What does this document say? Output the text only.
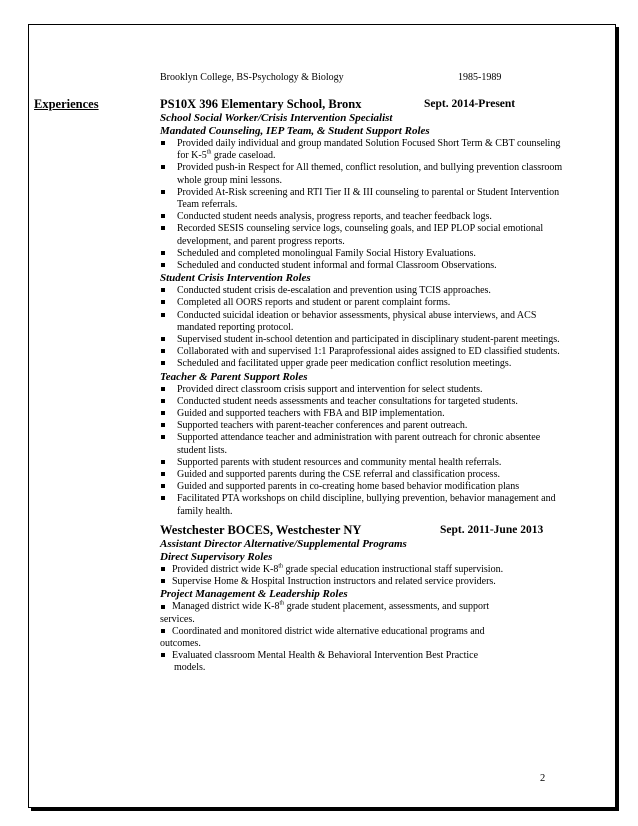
Brooklyn College, BS-Psychology & Biology	1985-1989
Experiences	PS10X 396 Elementary School, Bronx	Sept. 2014-Present
School Social Worker/Crisis Intervention Specialist
Mandated Counseling, IEP Team, & Student Support Roles
Provided daily individual and group mandated Solution Focused Short Term & CBT counseling for K-5th grade caseload.
Provided push-in Respect for All themed, conflict resolution, and bullying prevention classroom whole group mini lessons.
Provided At-Risk screening and RTI Tier II & III counseling to parental or Student Intervention Team referrals.
Conducted student needs analysis, progress reports, and teacher feedback logs.
Recorded SESIS counseling service logs, counseling goals, and IEP PLOP social emotional development, and parent progress reports.
Scheduled and completed monolingual Family Social History Evaluations.
Scheduled and conducted student informal and formal Classroom Observations.
Student Crisis Intervention Roles
Conducted student crisis de-escalation and prevention using TCIS approaches.
Completed all OORS reports and student or parent complaint forms.
Conducted suicidal ideation or behavior assessments, physical abuse interviews, and ACS mandated reporting protocol.
Supervised student in-school detention and participated in disciplinary student-parent meetings.
Collaborated with and supervised 1:1 Paraprofessional aides assigned to ED classified students.
Scheduled and facilitated upper grade peer medication conflict resolution meetings.
Teacher & Parent Support Roles
Provided direct classroom crisis support and intervention for select students.
Conducted student needs assessments and teacher consultations for targeted students.
Guided and supported teachers with FBA and BIP implementation.
Supported teachers with parent-teacher conferences and parent outreach.
Supported attendance teacher and administration with parent outreach for chronic absentee student lists.
Supported parents with student resources and community mental health referrals.
Guided and supported parents during the CSE referral and classification process.
Guided and supported parents in co-creating home based behavior modification plans
Facilitated PTA workshops on child discipline, bullying prevention, behavior management and family health.
Westchester BOCES, Westchester NY	Sept. 2011-June 2013
Assistant Director Alternative/Supplemental Programs
Direct Supervisory Roles
Provided district wide K-8th grade special education instructional staff supervision.
Supervise Home & Hospital Instruction instructors and related service providers.
Project Management & Leadership Roles
Managed district wide K-8th grade student placement, assessments, and support
services.
Coordinated and monitored district wide alternative educational programs and
outcomes.
Evaluated classroom Mental Health & Behavioral Intervention Best Practice
models.
2
